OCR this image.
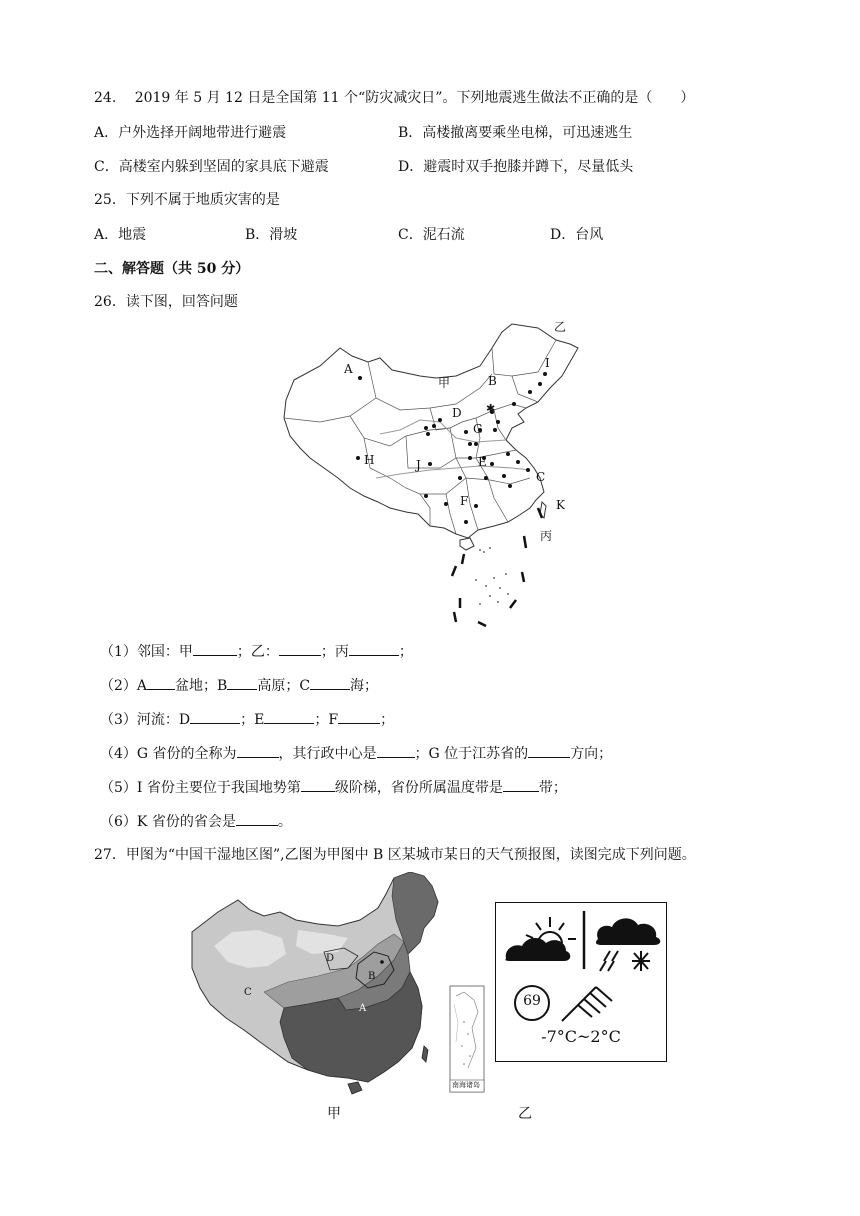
24.　 2019 年 5 月 12 日是全国第 11 个“防灾减灾日”。下列地震逃生做法不正确的是（　　）
A．户外选择开阔地带进行避震	B．高楼撤离要乘坐电梯，可迅速逃生
C．高楼室内躲到坚固的家具底下避震	D．避震时双手抱膝并蹲下，尽量低头
25．下列不属于地质灾害的是
A．地震	B．滑坡	C．泥石流	D．台风
二、解答题（共 50 分）
26．读下图，回答问题
✱
A
B
C
D
E
F
G
H
I
J
K
甲
乙
丙
（1）邻国：甲	；乙：	；丙	；
（2）A 盆地；B 高原；C	海；
（3）河流：D	；E	；F	；
（4）G 省份的全称为	，其行政中心是	；G 位于江苏省的	方向；
（5）I 省份主要位于我国地势第 级阶梯，省份所属温度带是	带；
（6）K 省份的省会是	。
27．甲图为“中国干湿地区图”,乙图为甲图中 B 区某城市某日的天气预报图，读图完成下列问题。
A
B
C
D
南海诸岛
69
-7°C~2°C
甲	乙
